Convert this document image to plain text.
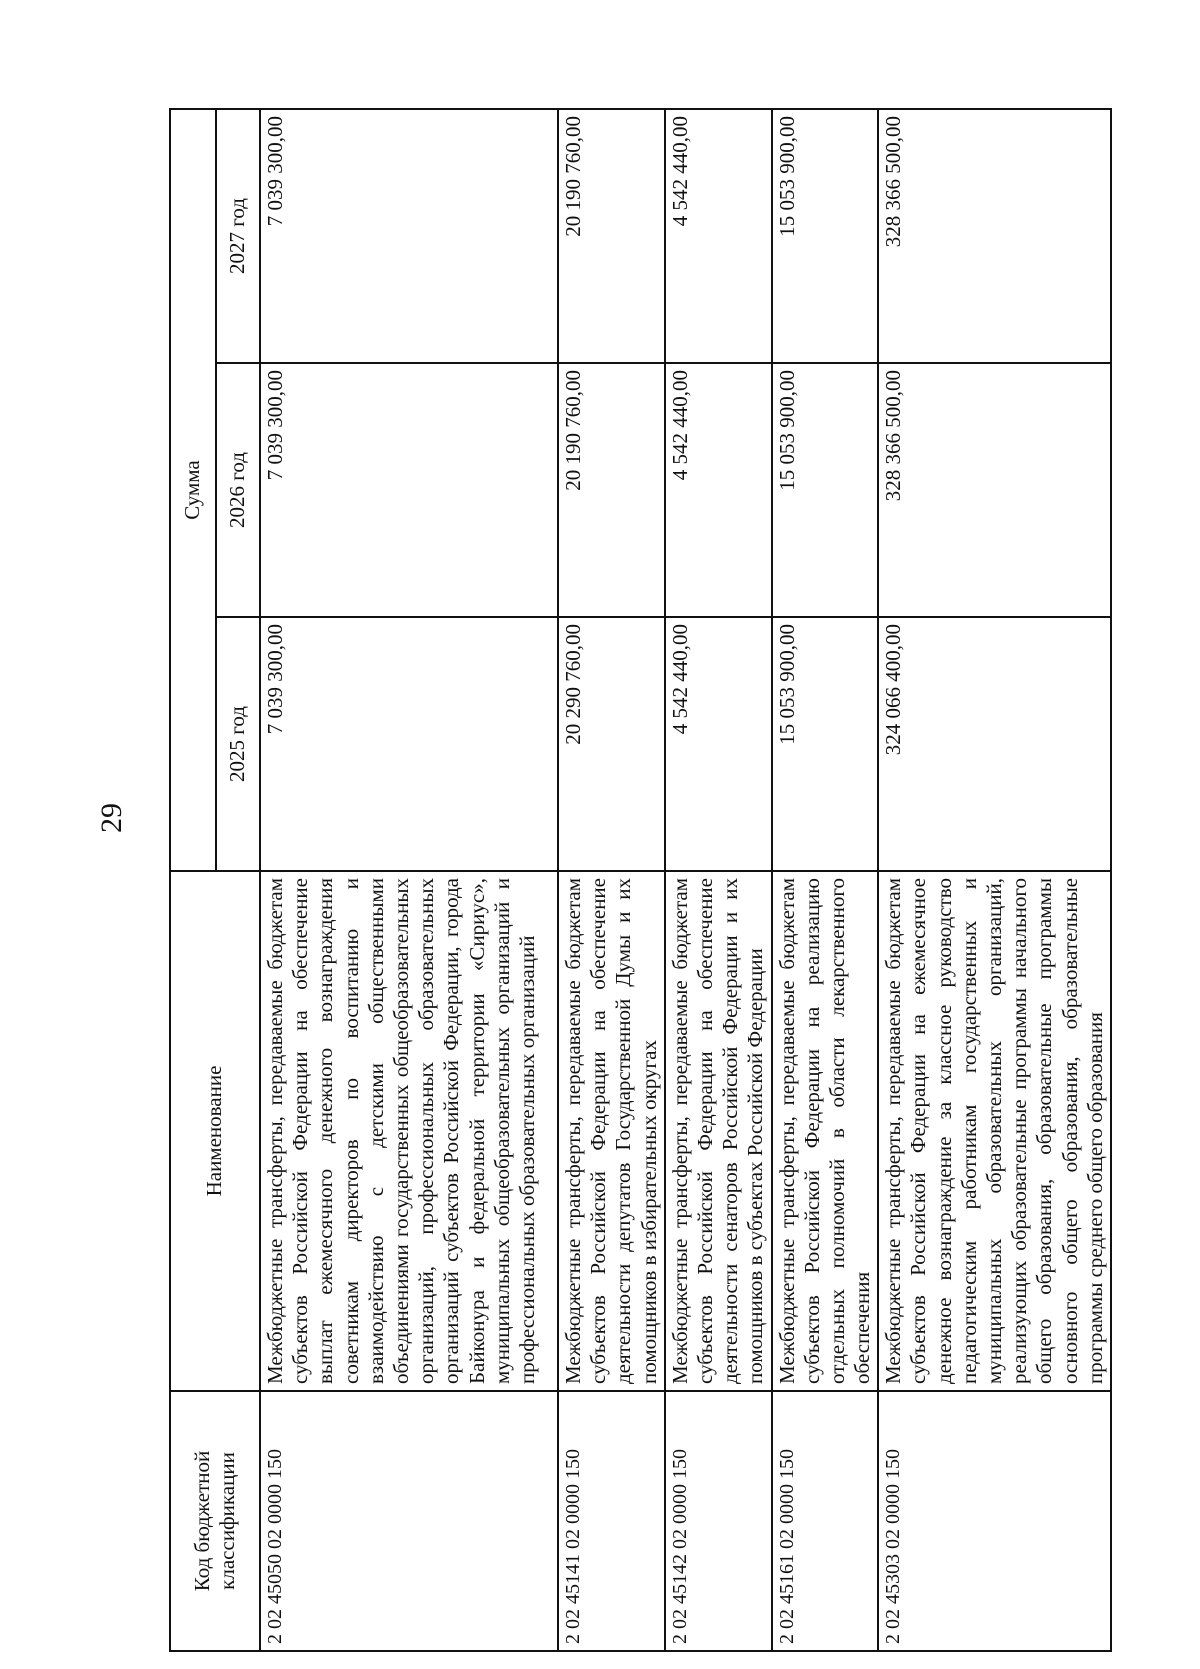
29
Код бюджетной классификации	Наименование	Сумма		
		2025 год	2026 год	2027 год
2 02 45050 02 0000 150	Межбюджетные трансферты, передаваемые бюджетам субъектов Российской Федерации на обеспечение выплат ежемесячного денежного вознаграждения советникам директоров по воспитанию и взаимодействию с детскими общественными объединениями государственных общеобразовательных организаций, профессиональных образовательных организаций субъектов Российской Федерации, города Байконура и федеральной территории «Сириус», муниципальных общеобразовательных организаций и профессиональных образовательных организаций	7 039 300,00	7 039 300,00	7 039 300,00
2 02 45141 02 0000 150	Межбюджетные трансферты, передаваемые бюджетам субъектов Российской Федерации на обеспечение деятельности депутатов Государственной Думы и их помощников в избирательных округах	20 290 760,00	20 190 760,00	20 190 760,00
2 02 45142 02 0000 150	Межбюджетные трансферты, передаваемые бюджетам субъектов Российской Федерации на обеспечение деятельности сенаторов Российской Федерации и их помощников в субъектах Российской Федерации	4 542 440,00	4 542 440,00	4 542 440,00
2 02 45161 02 0000 150	Межбюджетные трансферты, передаваемые бюджетам субъектов Российской Федерации на реализацию отдельных полномочий в области лекарственного обеспечения	15 053 900,00	15 053 900,00	15 053 900,00
2 02 45303 02 0000 150	Межбюджетные трансферты, передаваемые бюджетам субъектов Российской Федерации на ежемесячное денежное вознаграждение за классное руководство педагогическим работникам государственных и муниципальных образовательных организаций, реализующих образовательные программы начального общего образования, образовательные программы основного общего образования, образовательные программы среднего общего образования	324 066 400,00	328 366 500,00	328 366 500,00
